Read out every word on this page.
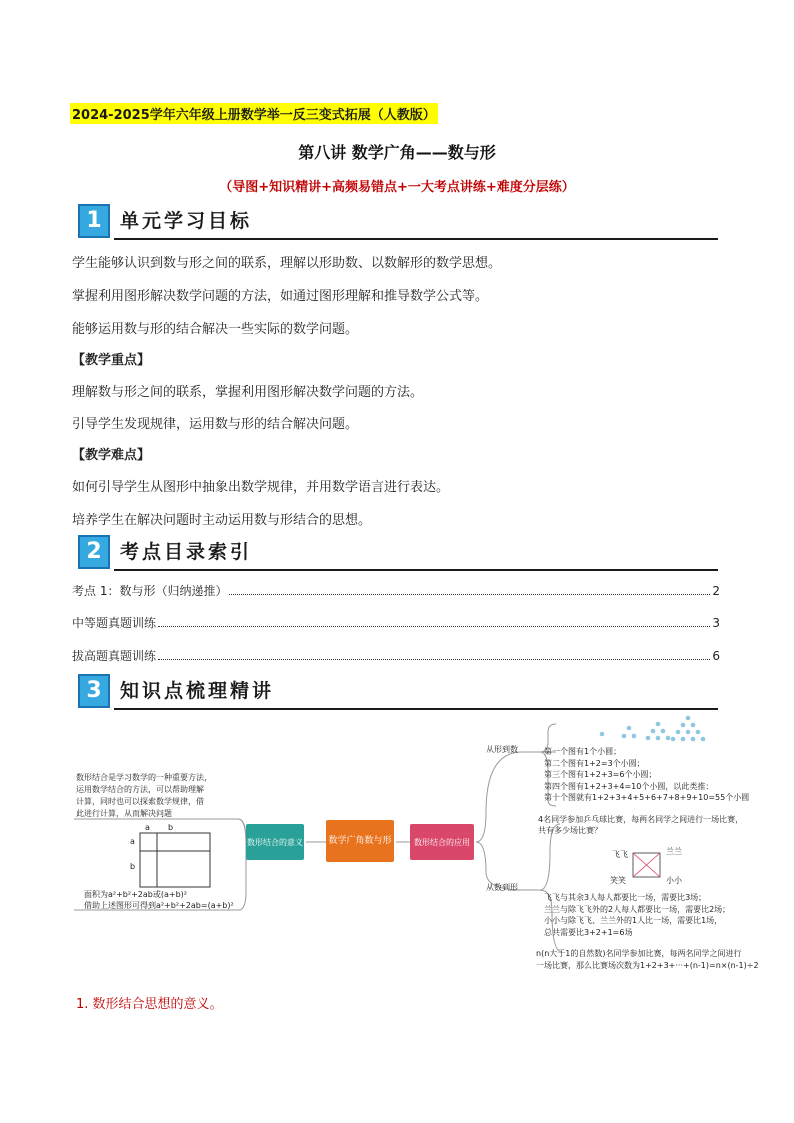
2024-2025学年六年级上册数学举一反三变式拓展（人教版）
第八讲 数学广角——数与形
（导图+知识精讲+高频易错点+一大考点讲练+难度分层练）
1 单元学习目标
学生能够认识到数与形之间的联系，理解以形助数、以数解形的数学思想。
掌握利用图形解决数学问题的方法，如通过图形理解和推导数学公式等。
能够运用数与形的结合解决一些实际的数学问题。
【教学重点】
理解数与形之间的联系，掌握利用图形解决数学问题的方法。
引导学生发现规律，运用数与形的结合解决问题。
【教学难点】
如何引导学生从图形中抽象出数学规律，并用数学语言进行表达。
培养学生在解决问题时主动运用数与形结合的思想。
2 考点目录索引
考点 1：数与形（归纳递推）	2
中等题真题训练	3
拔高题真题训练	6
3 知识点梳理精讲
数形结合是学习数学的一种重要方法，
运用数学结合的方法，可以帮助理解
计算，同时也可以探索数学规律，借
此进行计算，从而解决问题
a b
a
b
面积为a²+b²+2ab或(a+b)²
借助上述图形可得到a²+b²+2ab=(a+b)²
数形结合的意义	数学广角数与形	数形结合的应用
从形到数
从数到形
第一个图有1个小圆；
第二个图有1+2=3个小圆；
第三个图有1+2+3=6个小圆；
第四个图有1+2+3+4=10个小圆，以此类推：
第十个图就有1+2+3+4+5+6+7+8+9+10=55个小圆
4名同学参加乒乓球比赛，每两名同学之间进行一场比赛，
共有多少场比赛？
飞飞	兰兰
笑笑	小小
飞飞与其余3人每人都要比一场，需要比3场；
兰兰与除飞飞外的2人每人都要比一场，需要比2场；
小小与除飞飞、兰兰外的1人比一场，需要比1场，
总共需要比3+2+1=6场
n(n大于1的自然数)名同学参加比赛，每两名同学之间进行
一场比赛，那么比赛场次数为1+2+3+···+(n-1)=n×(n-1)÷2
1. 数形结合思想的意义。
